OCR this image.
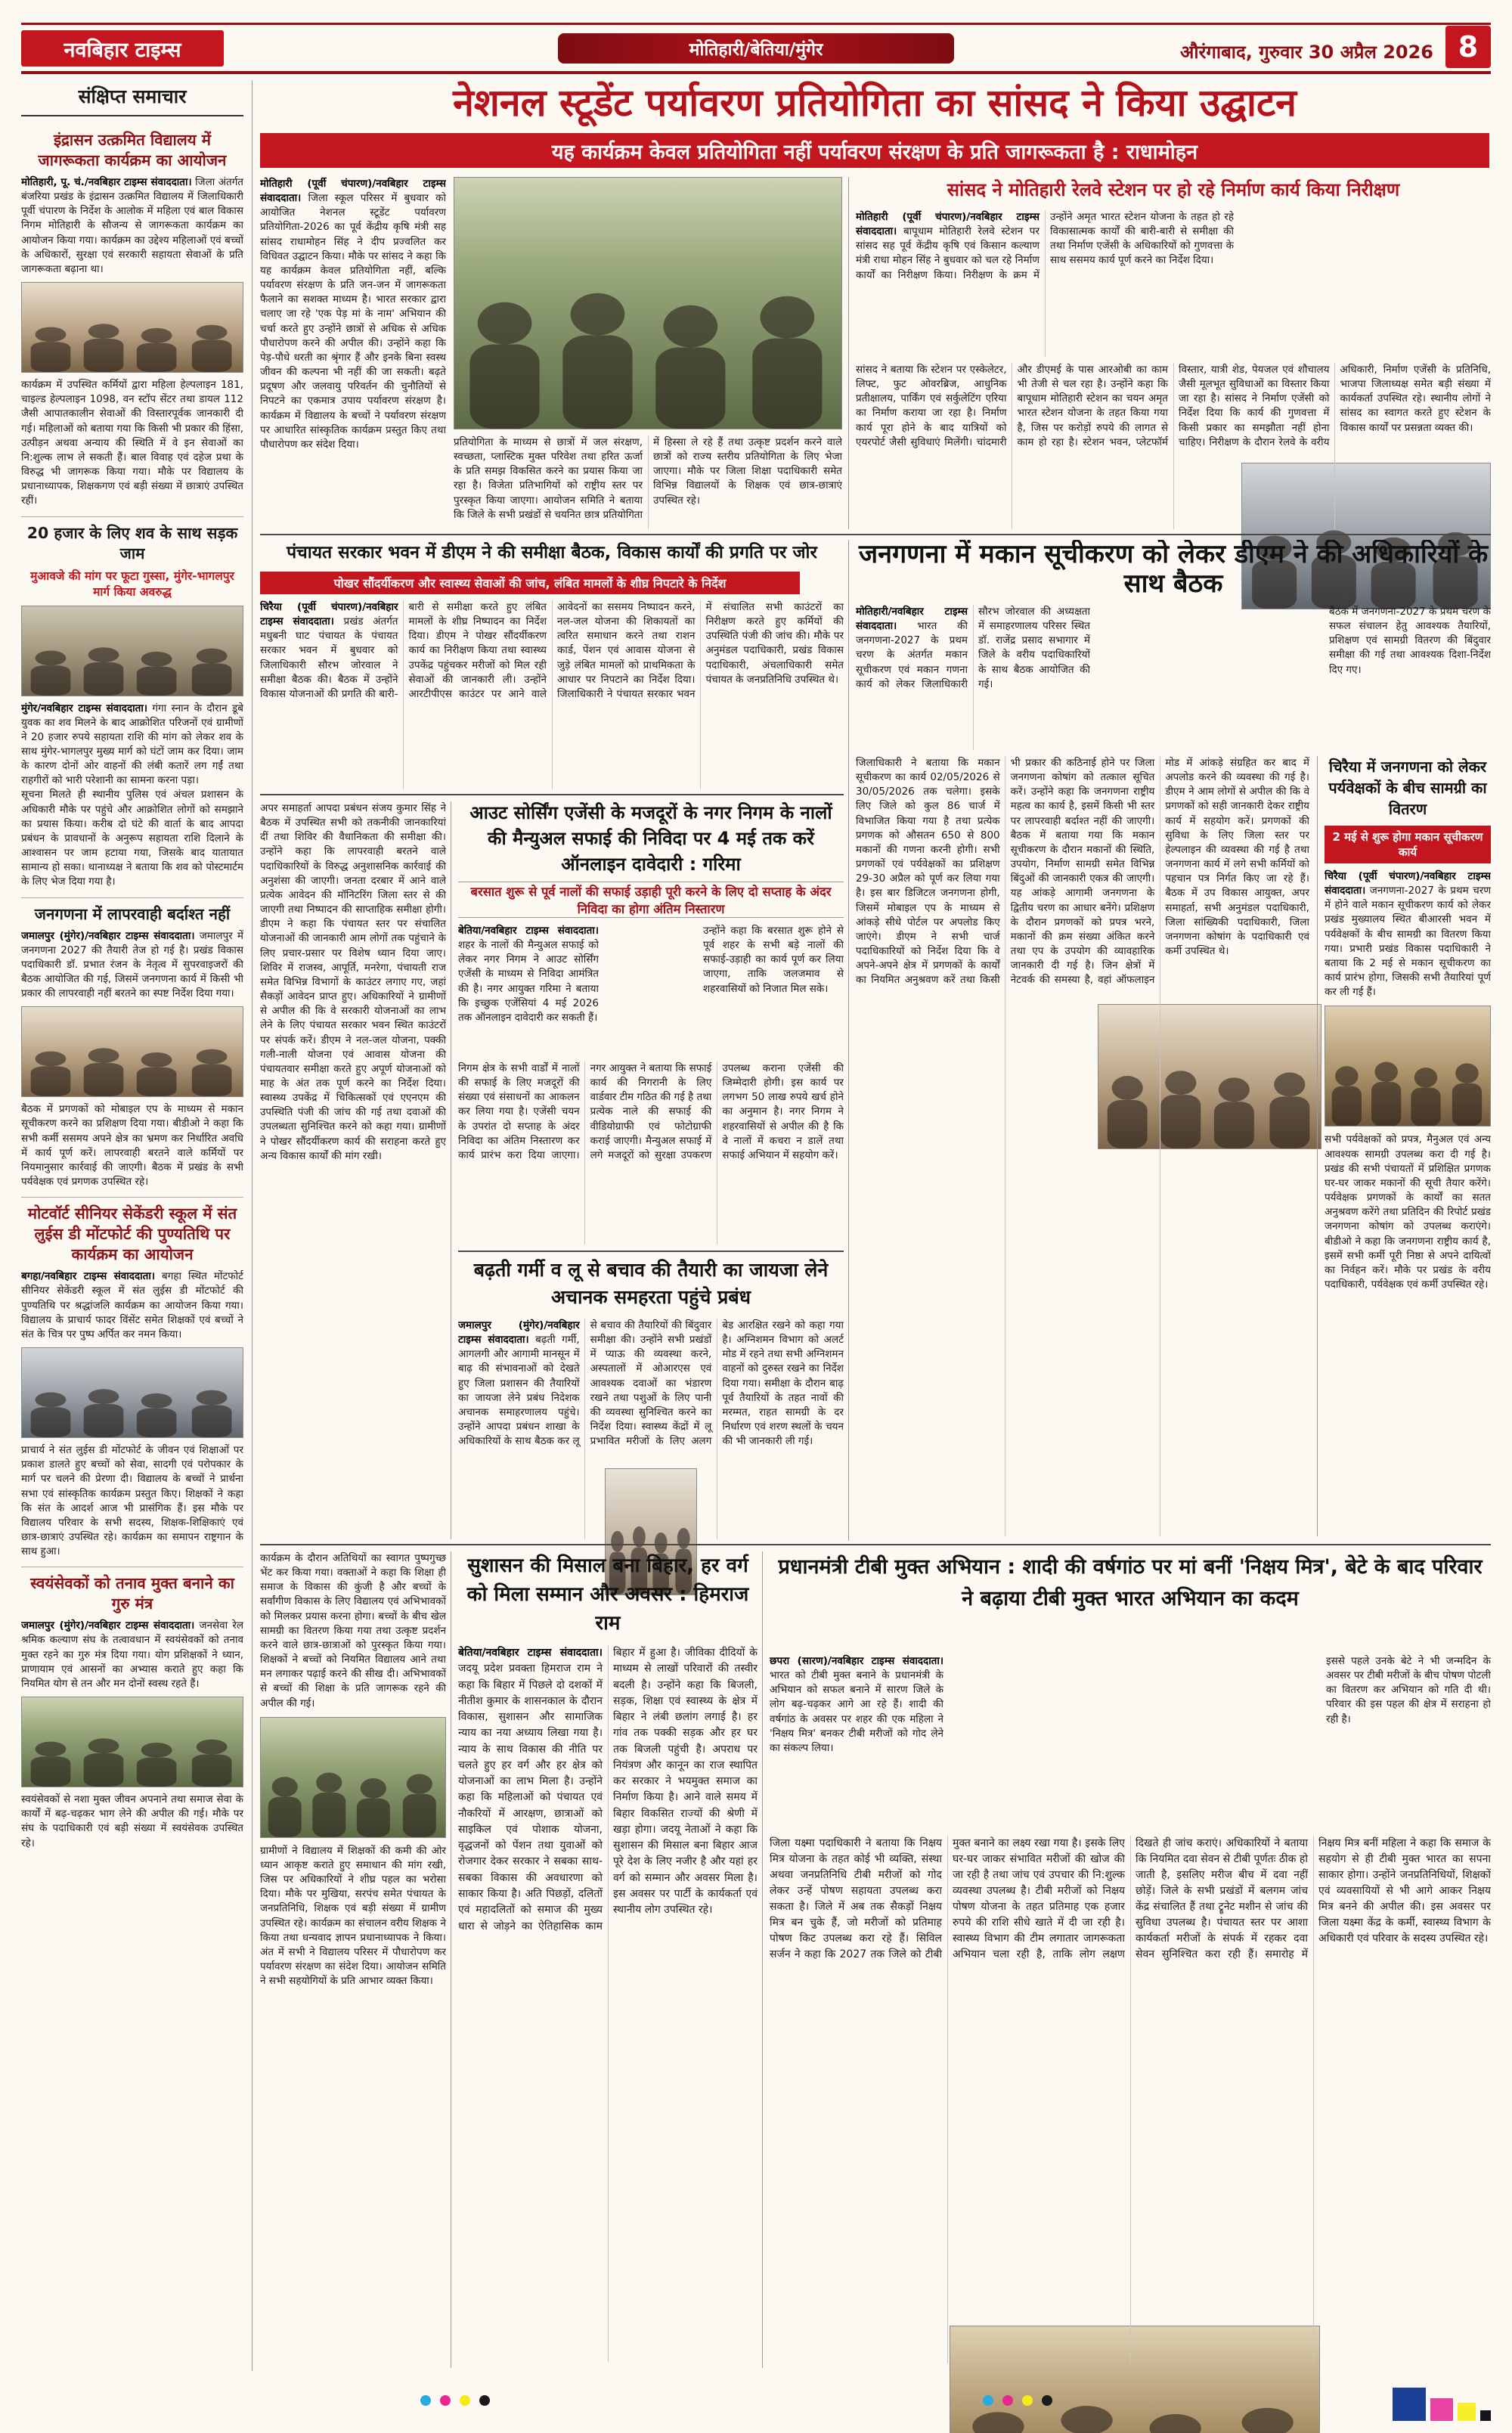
नवबिहार टाइम्स	मोतिहारी/बेतिया/मुंगेर	औरंगाबाद, गुरुवार 30 अप्रैल 2026 8
संक्षिप्त समाचार
इंद्रासन उत्क्रमित विद्यालय में जागरूकता कार्यक्रम का आयोजन

मोतिहारी, पू. चं./नवबिहार टाइम्स संवाददाता। जिला अंतर्गत बंजरिया प्रखंड के इंद्रासन उत्क्रमित विद्यालय में जिलाधिकारी पूर्वी चंपारण के निर्देश के आलोक में महिला एवं बाल विकास निगम मोतिहारी के सौजन्य से जागरूकता कार्यक्रम का आयोजन किया गया। कार्यक्रम का उद्देश्य महिलाओं एवं बच्चों के अधिकारों, सुरक्षा एवं सरकारी सहायता सेवाओं के प्रति जागरूकता बढ़ाना था।

कार्यक्रम में उपस्थित कर्मियों द्वारा महिला हेल्पलाइन 181, चाइल्ड हेल्पलाइन 1098, वन स्टॉप सेंटर तथा डायल 112 जैसी आपातकालीन सेवाओं की विस्तारपूर्वक जानकारी दी गई। महिलाओं को बताया गया कि किसी भी प्रकार की हिंसा, उत्पीड़न अथवा अन्याय की स्थिति में वे इन सेवाओं का नि:शुल्क लाभ ले सकती हैं। बाल विवाह एवं दहेज प्रथा के विरुद्ध भी जागरूक किया गया। मौके पर विद्यालय के प्रधानाध्यापक, शिक्षकगण एवं बड़ी संख्या में छात्राएं उपस्थित रहीं।

20 हजार के लिए शव के साथ सड़क जाम

मुआवजे की मांग पर फूटा गुस्सा, मुंगेर-भागलपुर मार्ग किया अवरुद्ध

मुंगेर/नवबिहार टाइम्स संवाददाता। गंगा स्नान के दौरान डूबे युवक का शव मिलने के बाद आक्रोशित परिजनों एवं ग्रामीणों ने 20 हजार रुपये सहायता राशि की मांग को लेकर शव के साथ मुंगेर-भागलपुर मुख्य मार्ग को घंटों जाम कर दिया। जाम के कारण दोनों ओर वाहनों की लंबी कतारें लग गईं तथा राहगीरों को भारी परेशानी का सामना करना पड़ा।

सूचना मिलते ही स्थानीय पुलिस एवं अंचल प्रशासन के अधिकारी मौके पर पहुंचे और आक्रोशित लोगों को समझाने का प्रयास किया। करीब दो घंटे की वार्ता के बाद आपदा प्रबंधन के प्रावधानों के अनुरूप सहायता राशि दिलाने के आश्वासन पर जाम हटाया गया, जिसके बाद यातायात सामान्य हो सका। थानाध्यक्ष ने बताया कि शव को पोस्टमार्टम के लिए भेज दिया गया है।

जनगणना में लापरवाही बर्दाश्त नहीं

जमालपुर (मुंगेर)/नवबिहार टाइम्स संवाददाता। जमालपुर में जनगणना 2027 की तैयारी तेज हो गई है। प्रखंड विकास पदाधिकारी डॉ. प्रभात रंजन के नेतृत्व में सुपरवाइजरों की बैठक आयोजित की गई, जिसमें जनगणना कार्य में किसी भी प्रकार की लापरवाही नहीं बरतने का स्पष्ट निर्देश दिया गया।

बैठक में प्रगणकों को मोबाइल एप के माध्यम से मकान सूचीकरण करने का प्रशिक्षण दिया गया। बीडीओ ने कहा कि सभी कर्मी ससमय अपने क्षेत्र का भ्रमण कर निर्धारित अवधि में कार्य पूर्ण करें। लापरवाही बरतने वाले कर्मियों पर नियमानुसार कार्रवाई की जाएगी। बैठक में प्रखंड के सभी पर्यवेक्षक एवं प्रगणक उपस्थित रहे।

मोटवॉर्ट सीनियर सेकेंडरी स्कूल में संत लुईस डी मोंटफोर्ट की पुण्यतिथि पर कार्यक्रम का आयोजन

बगहा/नवबिहार टाइम्स संवाददाता। बगहा स्थित मोंटफोर्ट सीनियर सेकेंडरी स्कूल में संत लुईस डी मोंटफोर्ट की पुण्यतिथि पर श्रद्धांजलि कार्यक्रम का आयोजन किया गया। विद्यालय के प्राचार्य फादर विंसेंट समेत शिक्षकों एवं बच्चों ने संत के चित्र पर पुष्प अर्पित कर नमन किया।

प्राचार्य ने संत लुईस डी मोंटफोर्ट के जीवन एवं शिक्षाओं पर प्रकाश डालते हुए बच्चों को सेवा, सादगी एवं परोपकार के मार्ग पर चलने की प्रेरणा दी। विद्यालय के बच्चों ने प्रार्थना सभा एवं सांस्कृतिक कार्यक्रम प्रस्तुत किए। शिक्षकों ने कहा कि संत के आदर्श आज भी प्रासंगिक हैं। इस मौके पर विद्यालय परिवार के सभी सदस्य, शिक्षक-शिक्षिकाएं एवं छात्र-छात्राएं उपस्थित रहे। कार्यक्रम का समापन राष्ट्रगान के साथ हुआ।

स्वयंसेवकों को तनाव मुक्त बनाने का गुरु मंत्र

जमालपुर (मुंगेर)/नवबिहार टाइम्स संवाददाता। जनसेवा रेल श्रमिक कल्याण संघ के तत्वावधान में स्वयंसेवकों को तनाव मुक्त रहने का गुरु मंत्र दिया गया। योग प्रशिक्षकों ने ध्यान, प्राणायाम एवं आसनों का अभ्यास कराते हुए कहा कि नियमित योग से तन और मन दोनों स्वस्थ रहते हैं।

स्वयंसेवकों से नशा मुक्त जीवन अपनाने तथा समाज सेवा के कार्यों में बढ़-चढ़कर भाग लेने की अपील की गई। मौके पर संघ के पदाधिकारी एवं बड़ी संख्या में स्वयंसेवक उपस्थित रहे।

नेशनल स्टूडेंट पर्यावरण प्रतियोगिता का सांसद ने किया उद्घाटन
यह कार्यक्रम केवल प्रतियोगिता नहीं पर्यावरण संरक्षण के प्रति जागरूकता है : राधामोहन
मोतिहारी (पूर्वी चंपारण)/नवबिहार टाइम्स संवाददाता। जिला स्कूल परिसर में बुधवार को आयोजित नेशनल स्टूडेंट पर्यावरण प्रतियोगिता-2026 का पूर्व केंद्रीय कृषि मंत्री सह सांसद राधामोहन सिंह ने दीप प्रज्वलित कर विधिवत उद्घाटन किया। मौके पर सांसद ने कहा कि यह कार्यक्रम केवल प्रतियोगिता नहीं, बल्कि पर्यावरण संरक्षण के प्रति जन-जन में जागरूकता फैलाने का सशक्त माध्यम है। भारत सरकार द्वारा चलाए जा रहे 'एक पेड़ मां के नाम' अभियान की चर्चा करते हुए उन्होंने छात्रों से अधिक से अधिक पौधारोपण करने की अपील की। उन्होंने कहा कि पेड़-पौधे धरती का श्रृंगार हैं और इनके बिना स्वस्थ जीवन की कल्पना भी नहीं की जा सकती। बढ़ते प्रदूषण और जलवायु परिवर्तन की चुनौतियों से निपटने का एकमात्र उपाय पर्यावरण संरक्षण है। कार्यक्रम में विद्यालय के बच्चों ने पर्यावरण संरक्षण पर आधारित सांस्कृतिक कार्यक्रम प्रस्तुत किए तथा पौधारोपण कर संदेश दिया।	प्रतियोगिता के माध्यम से छात्रों में जल संरक्षण, स्वच्छता, प्लास्टिक मुक्त परिवेश तथा हरित ऊर्जा के प्रति समझ विकसित करने का प्रयास किया जा रहा है। विजेता प्रतिभागियों को राष्ट्रीय स्तर पर पुरस्कृत किया जाएगा। आयोजन समिति ने बताया कि जिले के सभी प्रखंडों से चयनित छात्र प्रतियोगिता में हिस्सा ले रहे हैं तथा उत्कृष्ट प्रदर्शन करने वाले छात्रों को राज्य स्तरीय प्रतियोगिता के लिए भेजा जाएगा। मौके पर जिला शिक्षा पदाधिकारी समेत विभिन्न विद्यालयों के शिक्षक एवं छात्र-छात्राएं उपस्थित रहे।
सांसद ने मोतिहारी रेलवे स्टेशन पर हो रहे निर्माण कार्य किया निरीक्षण
मोतिहारी (पूर्वी चंपारण)/नवबिहार टाइम्स संवाददाता। बापूधाम मोतिहारी रेलवे स्टेशन पर सांसद सह पूर्व केंद्रीय कृषि एवं किसान कल्याण मंत्री राधा मोहन सिंह ने बुधवार को चल रहे निर्माण कार्यों का निरीक्षण किया। निरीक्षण के क्रम में उन्होंने अमृत भारत स्टेशन योजना के तहत हो रहे विकासात्मक कार्यों की बारी-बारी से समीक्षा की तथा निर्माण एजेंसी के अधिकारियों को गुणवत्ता के साथ ससमय कार्य पूर्ण करने का निर्देश दिया।
सांसद ने बताया कि स्टेशन पर एस्केलेटर, लिफ्ट, फुट ओवरब्रिज, आधुनिक प्रतीक्षालय, पार्किंग एवं सर्कुलेटिंग एरिया का निर्माण कराया जा रहा है। निर्माण कार्य पूरा होने के बाद यात्रियों को एयरपोर्ट जैसी सुविधाएं मिलेंगी। चांदमारी और डीएमई के पास आरओबी का काम भी तेजी से चल रहा है। उन्होंने कहा कि बापूधाम मोतिहारी स्टेशन का चयन अमृत भारत स्टेशन योजना के तहत किया गया है, जिस पर करोड़ों रुपये की लागत से काम हो रहा है। स्टेशन भवन, प्लेटफॉर्म विस्तार, यात्री शेड, पेयजल एवं शौचालय जैसी मूलभूत सुविधाओं का विस्तार किया जा रहा है। सांसद ने निर्माण एजेंसी को निर्देश दिया कि कार्य की गुणवत्ता में किसी प्रकार का समझौता नहीं होना चाहिए। निरीक्षण के दौरान रेलवे के वरीय अधिकारी, निर्माण एजेंसी के प्रतिनिधि, भाजपा जिलाध्यक्ष समेत बड़ी संख्या में कार्यकर्ता उपस्थित रहे। स्थानीय लोगों ने सांसद का स्वागत करते हुए स्टेशन के विकास कार्यों पर प्रसन्नता व्यक्त की।
पंचायत सरकार भवन में डीएम ने की समीक्षा बैठक, विकास कार्यों की प्रगति पर जोर
पोखर सौंदर्यीकरण और स्वास्थ्य सेवाओं की जांच, लंबित मामलों के शीघ्र निपटारे के निर्देश
चिरैया (पूर्वी चंपारण)/नवबिहार टाइम्स संवाददाता। प्रखंड अंतर्गत मधुबनी घाट पंचायत के पंचायत सरकार भवन में बुधवार को जिलाधिकारी सौरभ जोरवाल ने समीक्षा बैठक की। बैठक में उन्होंने विकास योजनाओं की प्रगति की बारी-बारी से समीक्षा करते हुए लंबित मामलों के शीघ्र निष्पादन का निर्देश दिया। डीएम ने पोखर सौंदर्यीकरण कार्य का निरीक्षण किया तथा स्वास्थ्य उपकेंद्र पहुंचकर मरीजों को मिल रही सेवाओं की जानकारी ली। उन्होंने आरटीपीएस काउंटर पर आने वाले आवेदनों का ससमय निष्पादन करने, नल-जल योजना की शिकायतों का त्वरित समाधान करने तथा राशन कार्ड, पेंशन एवं आवास योजना से जुड़े लंबित मामलों को प्राथमिकता के आधार पर निपटाने का निर्देश दिया। जिलाधिकारी ने पंचायत सरकार भवन में संचालित सभी काउंटरों का निरीक्षण करते हुए कर्मियों की उपस्थिति पंजी की जांच की। मौके पर अनुमंडल पदाधिकारी, प्रखंड विकास पदाधिकारी, अंचलाधिकारी समेत पंचायत के जनप्रतिनिधि उपस्थित थे।
जनगणना में मकान सूचीकरण को लेकर डीएम ने की अधिकारियों के साथ बैठक
मोतिहारी/नवबिहार टाइम्स संवाददाता। भारत की जनगणना-2027 के प्रथम चरण के अंतर्गत मकान सूचीकरण एवं मकान गणना कार्य को लेकर जिलाधिकारी सौरभ जोरवाल की अध्यक्षता में समाहरणालय परिसर स्थित डॉ. राजेंद्र प्रसाद सभागार में जिले के वरीय पदाधिकारियों के साथ बैठक आयोजित की गई।
बैठक में जनगणना-2027 के प्रथम चरण के सफल संचालन हेतु आवश्यक तैयारियों, प्रशिक्षण एवं सामग्री वितरण की बिंदुवार समीक्षा की गई तथा आवश्यक दिशा-निर्देश दिए गए।
जिलाधिकारी ने बताया कि मकान सूचीकरण का कार्य 02/05/2026 से 30/05/2026 तक चलेगा। इसके लिए जिले को कुल 86 चार्ज में विभाजित किया गया है तथा प्रत्येक प्रगणक को औसतन 650 से 800 मकानों की गणना करनी होगी। सभी प्रगणकों एवं पर्यवेक्षकों का प्रशिक्षण 29-30 अप्रैल को पूर्ण कर लिया गया है। इस बार डिजिटल जनगणना होगी, जिसमें मोबाइल एप के माध्यम से आंकड़े सीधे पोर्टल पर अपलोड किए जाएंगे। डीएम ने सभी चार्ज पदाधिकारियों को निर्देश दिया कि वे अपने-अपने क्षेत्र में प्रगणकों के कार्यों का नियमित अनुश्रवण करें तथा किसी भी प्रकार की कठिनाई होने पर जिला जनगणना कोषांग को तत्काल सूचित करें। उन्होंने कहा कि जनगणना राष्ट्रीय महत्व का कार्य है, इसमें किसी भी स्तर पर लापरवाही बर्दाश्त नहीं की जाएगी। बैठक में बताया गया कि मकान सूचीकरण के दौरान मकानों की स्थिति, उपयोग, निर्माण सामग्री समेत विभिन्न बिंदुओं की जानकारी एकत्र की जाएगी। यह आंकड़े आगामी जनगणना के द्वितीय चरण का आधार बनेंगे। प्रशिक्षण के दौरान प्रगणकों को प्रपत्र भरने, मकानों की क्रम संख्या अंकित करने तथा एप के उपयोग की व्यावहारिक जानकारी दी गई है। जिन क्षेत्रों में नेटवर्क की समस्या है, वहां ऑफलाइन मोड में आंकड़े संग्रहित कर बाद में अपलोड करने की व्यवस्था की गई है। डीएम ने आम लोगों से अपील की कि वे प्रगणकों को सही जानकारी देकर राष्ट्रीय कार्य में सहयोग करें। प्रगणकों की सुविधा के लिए जिला स्तर पर हेल्पलाइन की व्यवस्था की गई है तथा जनगणना कार्य में लगे सभी कर्मियों को पहचान पत्र निर्गत किए जा रहे हैं। बैठक में उप विकास आयुक्त, अपर समाहर्ता, सभी अनुमंडल पदाधिकारी, जिला सांख्यिकी पदाधिकारी, जिला जनगणना कोषांग के पदाधिकारी एवं कर्मी उपस्थित थे।
चिरैया में जनगणना को लेकर पर्यवेक्षकों के बीच सामग्री का वितरण
2 मई से शुरू होगा मकान सूचीकरण कार्य

चिरैया (पूर्वी चंपारण)/नवबिहार टाइम्स संवाददाता। जनगणना-2027 के प्रथम चरण में होने वाले मकान सूचीकरण कार्य को लेकर प्रखंड मुख्यालय स्थित बीआरसी भवन में पर्यवेक्षकों के बीच सामग्री का वितरण किया गया। प्रभारी प्रखंड विकास पदाधिकारी ने बताया कि 2 मई से मकान सूचीकरण का कार्य प्रारंभ होगा, जिसकी सभी तैयारियां पूर्ण कर ली गई हैं।

सभी पर्यवेक्षकों को प्रपत्र, मैनुअल एवं अन्य आवश्यक सामग्री उपलब्ध करा दी गई है। प्रखंड की सभी पंचायतों में प्रशिक्षित प्रगणक घर-घर जाकर मकानों की सूची तैयार करेंगे। पर्यवेक्षक प्रगणकों के कार्यों का सतत अनुश्रवण करेंगे तथा प्रतिदिन की रिपोर्ट प्रखंड जनगणना कोषांग को उपलब्ध कराएंगे। बीडीओ ने कहा कि जनगणना राष्ट्रीय कार्य है, इसमें सभी कर्मी पूरी निष्ठा से अपने दायित्वों का निर्वहन करें। मौके पर प्रखंड के वरीय पदाधिकारी, पर्यवेक्षक एवं कर्मी उपस्थित रहे।

अपर समाहर्ता आपदा प्रबंधन संजय कुमार सिंह ने बैठक में उपस्थित सभी को तकनीकी जानकारियां दीं तथा शिविर की वैधानिकता की समीक्षा की। उन्होंने कहा कि लापरवाही बरतने वाले पदाधिकारियों के विरुद्ध अनुशासनिक कार्रवाई की अनुशंसा की जाएगी। जनता दरबार में आने वाले प्रत्येक आवेदन की मॉनिटरिंग जिला स्तर से की जाएगी तथा निष्पादन की साप्ताहिक समीक्षा होगी। डीएम ने कहा कि पंचायत स्तर पर संचालित योजनाओं की जानकारी आम लोगों तक पहुंचाने के लिए प्रचार-प्रसार पर विशेष ध्यान दिया जाए। शिविर में राजस्व, आपूर्ति, मनरेगा, पंचायती राज समेत विभिन्न विभागों के काउंटर लगाए गए, जहां सैकड़ों आवेदन प्राप्त हुए। अधिकारियों ने ग्रामीणों से अपील की कि वे सरकारी योजनाओं का लाभ लेने के लिए पंचायत सरकार भवन स्थित काउंटरों पर संपर्क करें। डीएम ने नल-जल योजना, पक्की गली-नाली योजना एवं आवास योजना की पंचायतवार समीक्षा करते हुए अपूर्ण योजनाओं को माह के अंत तक पूर्ण करने का निर्देश दिया। स्वास्थ्य उपकेंद्र में चिकित्सकों एवं एएनएम की उपस्थिति पंजी की जांच की गई तथा दवाओं की उपलब्धता सुनिश्चित करने को कहा गया। ग्रामीणों ने पोखर सौंदर्यीकरण कार्य की सराहना करते हुए अन्य विकास कार्यों की मांग रखी।
आउट सोर्सिंग एजेंसी के मजदूरों के नगर निगम के नालों की मैन्युअल सफाई की निविदा पर 4 मई तक करें ऑनलाइन दावेदारी : गरिमा
बरसात शुरू से पूर्व नालों की सफाई उड़ाही पूरी करने के लिए दो सप्ताह के अंदर निविदा का होगा अंतिम निस्तारण
बेतिया/नवबिहार टाइम्स संवाददाता। शहर के नालों की मैन्युअल सफाई को लेकर नगर निगम ने आउट सोर्सिंग एजेंसी के माध्यम से निविदा आमंत्रित की है। नगर आयुक्त गरिमा ने बताया कि इच्छुक एजेंसियां 4 मई 2026 तक ऑनलाइन दावेदारी कर सकती हैं।
उन्होंने कहा कि बरसात शुरू होने से पूर्व शहर के सभी बड़े नालों की सफाई-उड़ाही का कार्य पूर्ण कर लिया जाएगा, ताकि जलजमाव से शहरवासियों को निजात मिल सके।
निगम क्षेत्र के सभी वार्डों में नालों की सफाई के लिए मजदूरों की संख्या एवं संसाधनों का आकलन कर लिया गया है। एजेंसी चयन के उपरांत दो सप्ताह के अंदर निविदा का अंतिम निस्तारण कर कार्य प्रारंभ करा दिया जाएगा। नगर आयुक्त ने बताया कि सफाई कार्य की निगरानी के लिए वार्डवार टीम गठित की गई है तथा प्रत्येक नाले की सफाई की वीडियोग्राफी एवं फोटोग्राफी कराई जाएगी। मैन्युअल सफाई में लगे मजदूरों को सुरक्षा उपकरण उपलब्ध कराना एजेंसी की जिम्मेदारी होगी। इस कार्य पर लगभग 50 लाख रुपये खर्च होने का अनुमान है। नगर निगम ने शहरवासियों से अपील की है कि वे नालों में कचरा न डालें तथा सफाई अभियान में सहयोग करें।
बढ़ती गर्मी व लू से बचाव की तैयारी का जायजा लेने अचानक समहरता पहुंचे प्रबंध
जमालपुर (मुंगेर)/नवबिहार टाइम्स संवाददाता। बढ़ती गर्मी, आगलगी और आगामी मानसून में बाढ़ की संभावनाओं को देखते हुए जिला प्रशासन की तैयारियों का जायजा लेने प्रबंध निदेशक अचानक समाहरणालय पहुंचे। उन्होंने आपदा प्रबंधन शाखा के अधिकारियों के साथ बैठक कर लू से बचाव की तैयारियों की बिंदुवार समीक्षा की। उन्होंने सभी प्रखंडों में प्याऊ की व्यवस्था करने, अस्पतालों में ओआरएस एवं आवश्यक दवाओं का भंडारण रखने तथा पशुओं के लिए पानी की व्यवस्था सुनिश्चित करने का निर्देश दिया। स्वास्थ्य केंद्रों में लू प्रभावित मरीजों के लिए अलग बेड आरक्षित रखने को कहा गया है। अग्निशमन विभाग को अलर्ट मोड में रहने तथा सभी अग्निशमन वाहनों को दुरुस्त रखने का निर्देश दिया गया। समीक्षा के दौरान बाढ़ पूर्व तैयारियों के तहत नावों की मरम्मत, राहत सामग्री के दर निर्धारण एवं शरण स्थलों के चयन की भी जानकारी ली गई।
कार्यक्रम के दौरान अतिथियों का स्वागत पुष्पगुच्छ भेंट कर किया गया। वक्ताओं ने कहा कि शिक्षा ही समाज के विकास की कुंजी है और बच्चों के सर्वांगीण विकास के लिए विद्यालय एवं अभिभावकों को मिलकर प्रयास करना होगा। बच्चों के बीच खेल सामग्री का वितरण किया गया तथा उत्कृष्ट प्रदर्शन करने वाले छात्र-छात्राओं को पुरस्कृत किया गया। शिक्षकों ने बच्चों को नियमित विद्यालय आने तथा मन लगाकर पढ़ाई करने की सीख दी। अभिभावकों से बच्चों की शिक्षा के प्रति जागरूक रहने की अपील की गई।
ग्रामीणों ने विद्यालय में शिक्षकों की कमी की ओर ध्यान आकृष्ट कराते हुए समाधान की मांग रखी, जिस पर अधिकारियों ने शीघ्र पहल का भरोसा दिया। मौके पर मुखिया, सरपंच समेत पंचायत के जनप्रतिनिधि, शिक्षक एवं बड़ी संख्या में ग्रामीण उपस्थित रहे। कार्यक्रम का संचालन वरीय शिक्षक ने किया तथा धन्यवाद ज्ञापन प्रधानाध्यापक ने किया। अंत में सभी ने विद्यालय परिसर में पौधारोपण कर पर्यावरण संरक्षण का संदेश दिया। आयोजन समिति ने सभी सहयोगियों के प्रति आभार व्यक्त किया।
सुशासन की मिसाल बना बिहार, हर वर्ग को मिला सम्मान और अवसर : हिमराज राम
बेतिया/नवबिहार टाइम्स संवाददाता। जदयू प्रदेश प्रवक्ता हिमराज राम ने कहा कि बिहार में पिछले दो दशकों में नीतीश कुमार के शासनकाल के दौरान विकास, सुशासन और सामाजिक न्याय का नया अध्याय लिखा गया है। न्याय के साथ विकास की नीति पर चलते हुए हर वर्ग और हर क्षेत्र को योजनाओं का लाभ मिला है। उन्होंने कहा कि महिलाओं को पंचायत एवं नौकरियों में आरक्षण, छात्राओं को साइकिल एवं पोशाक योजना, वृद्धजनों को पेंशन तथा युवाओं को रोजगार देकर सरकार ने सबका साथ-सबका विकास की अवधारणा को साकार किया है। अति पिछड़ों, दलितों एवं महादलितों को समाज की मुख्य धारा से जोड़ने का ऐतिहासिक काम बिहार में हुआ है। जीविका दीदियों के माध्यम से लाखों परिवारों की तस्वीर बदली है। उन्होंने कहा कि बिजली, सड़क, शिक्षा एवं स्वास्थ्य के क्षेत्र में बिहार ने लंबी छलांग लगाई है। हर गांव तक पक्की सड़क और हर घर तक बिजली पहुंची है। अपराध पर नियंत्रण और कानून का राज स्थापित कर सरकार ने भयमुक्त समाज का निर्माण किया है। आने वाले समय में बिहार विकसित राज्यों की श्रेणी में खड़ा होगा। जदयू नेताओं ने कहा कि सुशासन की मिसाल बना बिहार आज पूरे देश के लिए नजीर है और यहां हर वर्ग को सम्मान और अवसर मिला है। इस अवसर पर पार्टी के कार्यकर्ता एवं स्थानीय लोग उपस्थित रहे।
प्रधानमंत्री टीबी मुक्त अभियान : शादी की वर्षगांठ पर मां बनीं 'निक्षय मित्र', बेटे के बाद परिवार ने बढ़ाया टीबी मुक्त भारत अभियान का कदम
छपरा (सारण)/नवबिहार टाइम्स संवाददाता। भारत को टीबी मुक्त बनाने के प्रधानमंत्री के अभियान को सफल बनाने में सारण जिले के लोग बढ़-चढ़कर आगे आ रहे हैं। शादी की वर्षगांठ के अवसर पर शहर की एक महिला ने 'निक्षय मित्र' बनकर टीबी मरीजों को गोद लेने का संकल्प लिया।
इससे पहले उनके बेटे ने भी जन्मदिन के अवसर पर टीबी मरीजों के बीच पोषण पोटली का वितरण कर अभियान को गति दी थी। परिवार की इस पहल की क्षेत्र में सराहना हो रही है।
जिला यक्ष्मा पदाधिकारी ने बताया कि निक्षय मित्र योजना के तहत कोई भी व्यक्ति, संस्था अथवा जनप्रतिनिधि टीबी मरीजों को गोद लेकर उन्हें पोषण सहायता उपलब्ध करा सकता है। जिले में अब तक सैकड़ों निक्षय मित्र बन चुके हैं, जो मरीजों को प्रतिमाह पोषण किट उपलब्ध करा रहे हैं। सिविल सर्जन ने कहा कि 2027 तक जिले को टीबी मुक्त बनाने का लक्ष्य रखा गया है। इसके लिए घर-घर जाकर संभावित मरीजों की खोज की जा रही है तथा जांच एवं उपचार की नि:शुल्क व्यवस्था उपलब्ध है। टीबी मरीजों को निक्षय पोषण योजना के तहत प्रतिमाह एक हजार रुपये की राशि सीधे खाते में दी जा रही है। स्वास्थ्य विभाग की टीम लगातार जागरूकता अभियान चला रही है, ताकि लोग लक्षण दिखते ही जांच कराएं। अधिकारियों ने बताया कि नियमित दवा सेवन से टीबी पूर्णतः ठीक हो जाती है, इसलिए मरीज बीच में दवा नहीं छोड़ें। जिले के सभी प्रखंडों में बलगम जांच केंद्र संचालित हैं तथा ट्रूनेट मशीन से जांच की सुविधा उपलब्ध है। पंचायत स्तर पर आशा कार्यकर्ता मरीजों के संपर्क में रहकर दवा सेवन सुनिश्चित करा रही हैं। समारोह में निक्षय मित्र बनीं महिला ने कहा कि समाज के सहयोग से ही टीबी मुक्त भारत का सपना साकार होगा। उन्होंने जनप्रतिनिधियों, शिक्षकों एवं व्यवसायियों से भी आगे आकर निक्षय मित्र बनने की अपील की। इस अवसर पर जिला यक्ष्मा केंद्र के कर्मी, स्वास्थ्य विभाग के अधिकारी एवं परिवार के सदस्य उपस्थित रहे।
